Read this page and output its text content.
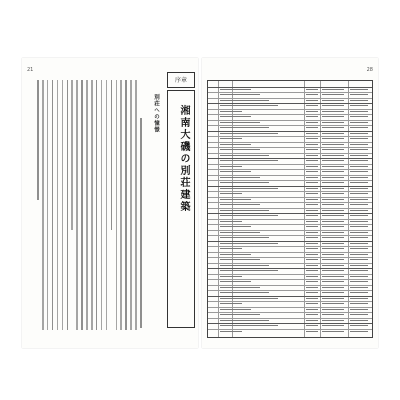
21
別荘への憧憬
序章
湘南大磯の別荘建築
28
